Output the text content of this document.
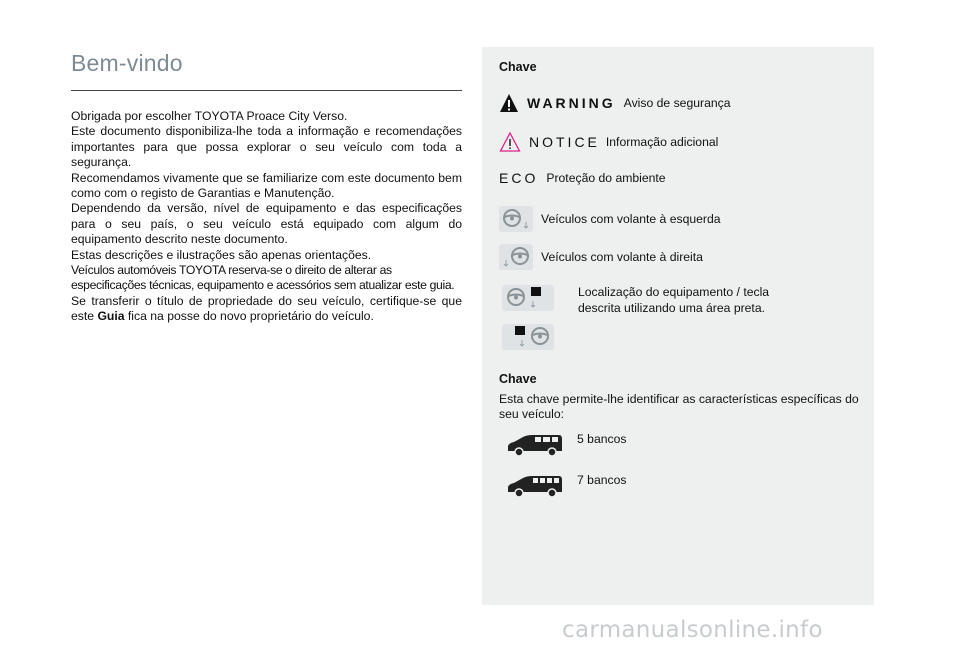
Bem-vindo

Obrigada por escolher TOYOTA Proace City Verso.

Este documento disponibiliza-lhe toda a informação e recomendações importantes para que possa explorar o seu veículo com toda a segurança.

Recomendamos vivamente que se familiarize com este documento bem como com o registo de Garantias e Manutenção.

Dependendo da versão, nível de equipamento e das especificações para o seu país, o seu veículo está equipado com algum do equipamento descrito neste documento.

Estas descrições e ilustrações são apenas orientações.

Veículos automóveis TOYOTA reserva-se o direito de alterar as especificações técnicas, equipamento e acessórios sem atualizar este guia.

Se transferir o título de propriedade do seu veículo, certifique-se que este Guia fica na posse do novo proprietário do veículo.

Chave
WARNING Aviso de segurança
NOTICE Informação adicional
ECO Proteção do ambiente
Veículos com volante à esquerda
Veículos com volante à direita
Localização do equipamento / tecla descrita utilizando uma área preta.
Chave
Esta chave permite-lhe identificar as características específicas do seu veículo:
5 bancos
7 bancos
carmanualsonline.info
